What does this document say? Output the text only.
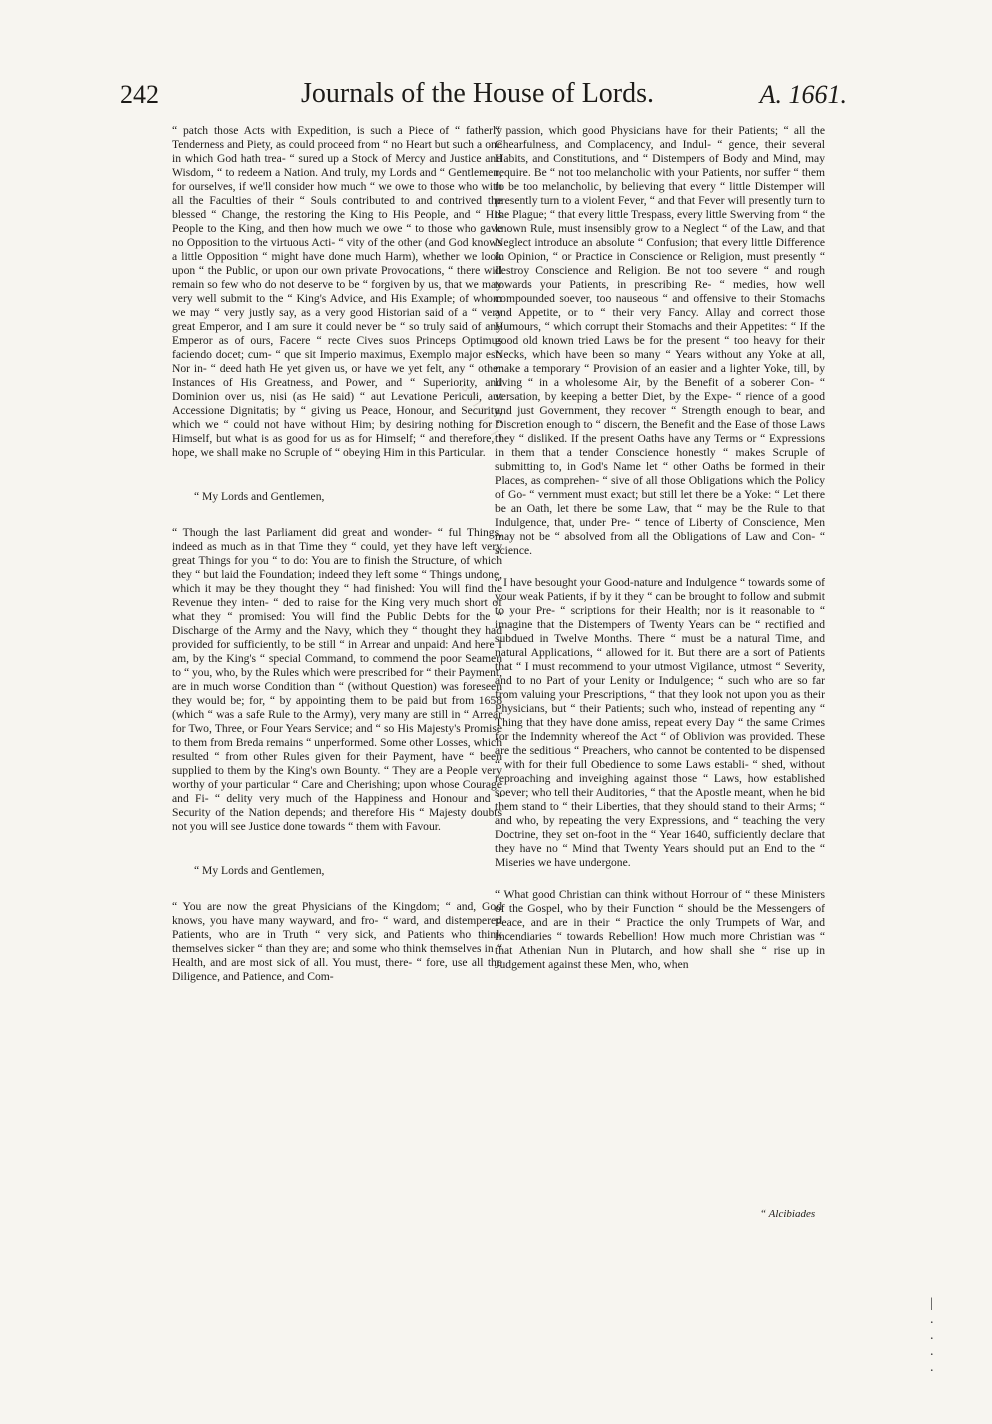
242	Journals of the House of Lords.	A. 1661.
BRITISH

“ patch those Acts with Expedition, is such a Piece of “ fatherly Tenderness and Piety, as could proceed from “ no Heart but such a one in which God hath trea- “ sured up a Stock of Mercy and Justice and Wisdom, “ to redeem a Nation. And truly, my Lords and “ Gentlemen, for ourselves, if we'll consider how much “ we owe to those who with all the Faculties of their “ Souls contributed to and contrived the blessed “ Change, the restoring the King to His People, and “ His People to the King, and then how much we owe “ to those who gave no Opposition to the virtuous Acti- “ vity of the other (and God knows a little Opposition “ might have done much Harm), whether we look upon “ the Public, or upon our own private Provocations, “ there will remain so few who do not deserve to be “ forgiven by us, that we may very well submit to the “ King's Advice, and His Example; of whom we may “ very justly say, as a very good Historian said of a “ very great Emperor, and I am sure it could never be “ so truly said of any Emperor as of ours, Facere “ recte Cives suos Princeps Optimus faciendo docet; cum- “ que sit Imperio maximus, Exemplo major est: Nor in- “ deed hath He yet given us, or have we yet felt, any “ other Instances of His Greatness, and Power, and “ Superiority, and Dominion over us, nisi (as He said) “ aut Levatione Periculi, aut Accessione Dignitatis; by “ giving us Peace, Honour, and Security, which we “ could not have without Him; by desiring nothing for “ Himself, but what is as good for us as for Himself; “ and therefore, I hope, we shall make no Scruple of “ obeying Him in this Particular.

“ My Lords and Gentlemen,

“ Though the last Parliament did great and wonder- “ ful Things, indeed as much as in that Time they “ could, yet they have left very great Things for you “ to do: You are to finish the Structure, of which they “ but laid the Foundation; indeed they left some “ Things undone, which it may be they thought they “ had finished: You will find the Revenue they inten- “ ded to raise for the King very much short of what they “ promised: You will find the Public Debts for the “ Discharge of the Army and the Navy, which they “ thought they had provided for sufficiently, to be still “ in Arrear and unpaid: And here I am, by the King's “ special Command, to commend the poor Seamen to “ you, who, by the Rules which were prescribed for “ their Payment, are in much worse Condition than “ (without Question) was foreseen they would be; for, “ by appointing them to be paid but from 1658 (which “ was a safe Rule to the Army), very many are still in “ Arrear for Two, Three, or Four Years Service; and “ so His Majesty's Promise to them from Breda remains “ unperformed. Some other Losses, which resulted “ from other Rules given for their Payment, have “ been supplied to them by the King's own Bounty. “ They are a People very worthy of your particular “ Care and Cherishing; upon whose Courage and Fi- “ delity very much of the Happiness and Honour and “ Security of the Nation depends; and therefore His “ Majesty doubts not you will see Justice done towards “ them with Favour.

“ My Lords and Gentlemen,

“ You are now the great Physicians of the Kingdom; “ and, God knows, you have many wayward, and fro- “ ward, and distempered Patients, who are in Truth “ very sick, and Patients who think themselves sicker “ than they are; and some who think themselves in “ Health, and are most sick of all. You must, there- “ fore, use all the Diligence, and Patience, and Com-

“ passion, which good Physicians have for their Patients; “ all the Chearfulness, and Complacency, and Indul- “ gence, their several Habits, and Constitutions, and “ Distempers of Body and Mind, may require. Be “ not too melancholic with your Patients, nor suffer “ them to be too melancholic, by believing that every “ little Distemper will presently turn to a violent Fever, “ and that Fever will presently turn to the Plague; “ that every little Trespass, every little Swerving from “ the known Rule, must insensibly grow to a Neglect “ of the Law, and that Neglect introduce an absolute “ Confusion; that every little Difference in Opinion, “ or Practice in Conscience or Religion, must presently “ destroy Conscience and Religion. Be not too severe “ and rough towards your Patients, in prescribing Re- “ medies, how well compounded soever, too nauseous “ and offensive to their Stomachs and Appetite, or to “ their very Fancy. Allay and correct those Humours, “ which corrupt their Stomachs and their Appetites: “ If the good old known tried Laws be for the present “ too heavy for their Necks, which have been so many “ Years without any Yoke at all, make a temporary “ Provision of an easier and a lighter Yoke, till, by living “ in a wholesome Air, by the Benefit of a soberer Con- “ versation, by keeping a better Diet, by the Expe- “ rience of a good and just Government, they recover “ Strength enough to bear, and Discretion enough to “ discern, the Benefit and the Ease of those Laws they “ disliked. If the present Oaths have any Terms or “ Expressions in them that a tender Conscience honestly “ makes Scruple of submitting to, in God's Name let “ other Oaths be formed in their Places, as comprehen- “ sive of all those Obligations which the Policy of Go- “ vernment must exact; but still let there be a Yoke: “ Let there be an Oath, let there be some Law, that “ may be the Rule to that Indulgence, that, under Pre- “ tence of Liberty of Conscience, Men may not be “ absolved from all the Obligations of Law and Con- “ science.

“ I have besought your Good-nature and Indulgence “ towards some of your weak Patients, if by it they “ can be brought to follow and submit to your Pre- “ scriptions for their Health; nor is it reasonable to “ imagine that the Distempers of Twenty Years can be “ rectified and subdued in Twelve Months. There “ must be a natural Time, and natural Applications, “ allowed for it. But there are a sort of Patients that “ I must recommend to your utmost Vigilance, utmost “ Severity, and to no Part of your Lenity or Indulgence; “ such who are so far from valuing your Prescriptions, “ that they look not upon you as their Physicians, but “ their Patients; such who, instead of repenting any “ Thing that they have done amiss, repeat every Day “ the same Crimes for the Indemnity whereof the Act “ of Oblivion was provided. These are the seditious “ Preachers, who cannot be contented to be dispensed “ with for their full Obedience to some Laws establi- “ shed, without reproaching and inveighing against those “ Laws, how established soever; who tell their Auditories, “ that the Apostle meant, when he bid them stand to “ their Liberties, that they should stand to their Arms; “ and who, by repeating the very Expressions, and “ teaching the very Doctrine, they set on-foot in the “ Year 1640, sufficiently declare that they have no “ Mind that Twenty Years should put an End to the “ Miseries we have undergone.

“ What good Christian can think without Horrour of “ these Ministers of the Gospel, who by their Function “ should be the Messengers of Peace, and are in their “ Practice the only Trumpets of War, and Incendiaries “ towards Rebellion! How much more Christian was “ that Athenian Nun in Plutarch, and how shall she “ rise up in Judgement against these Men, who, when

“ Alcibiades
|
.
.
.
.
